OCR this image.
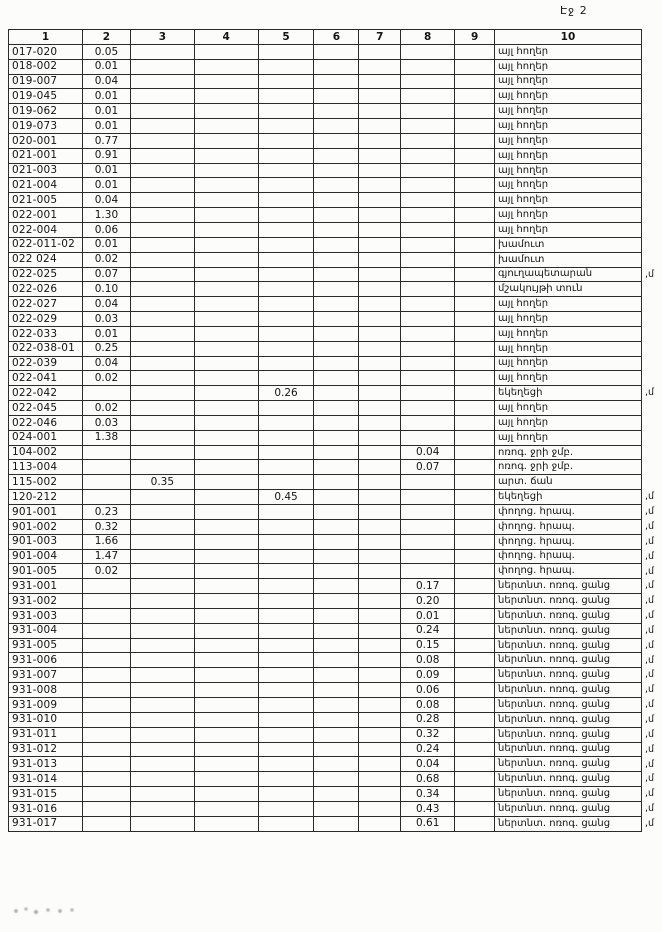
Էջ 2
1	2	3	4	5	6	7	8	9	10	
017-020	0.05								այլ հողեր	
018-002	0.01								այլ հողեր	
019-007	0.04								այլ հողեր	
019-045	0.01								այլ հողեր	
019-062	0.01								այլ հողեր	
019-073	0.01								այլ հողեր	
020-001	0.77								այլ հողեր	
021-001	0.91								այլ հողեր	
021-003	0.01								այլ հողեր	
021-004	0.01								այլ հողեր	
021-005	0.04								այլ հողեր	
022-001	1.30								այլ հողեր	
022-004	0.06								այլ հողեր	
022-011-02	0.01								խամուտ	
022 024	0.02								խամուտ	
022-025	0.07								գյուղապետարան	,մ
022-026	0.10								մշակույթի տուն	
022-027	0.04								այլ հողեր	
022-029	0.03								այլ հողեր	
022-033	0.01								այլ հողեր	
022-038-01	0.25								այլ հողեր	
022-039	0.04								այլ հողեր	
022-041	0.02								այլ հողեր	
022-042				0.26					եկեղեցի	,մ
022-045	0.02								այլ հողեր	
022-046	0.03								այլ հողեր	
024-001	1.38								այլ հողեր	
104-002							0.04		ոռոգ. ջրի ջմբ.	
113-004							0.07		ոռոգ. ջրի ջմբ.	
115-002		0.35							արտ. ճան	
120-212				0.45					եկեղեցի	,մ
901-001	0.23								փողոց. հրապ.	,մ
901-002	0.32								փողոց. հրապ.	,մ
901-003	1.66								փողոց. հրապ.	,մ
901-004	1.47								փողոց. հրապ.	,մ
901-005	0.02								փողոց. հրապ.	,մ
931-001							0.17		ներտնտ. ոռոգ. ցանց	,մ
931-002							0.20		ներտնտ. ոռոգ. ցանց	,մ
931-003							0.01		ներտնտ. ոռոգ. ցանց	,մ
931-004							0.24		ներտնտ. ոռոգ. ցանց	,մ
931-005							0.15		ներտնտ. ոռոգ. ցանց	,մ
931-006							0.08		ներտնտ. ոռոգ. ցանց	,մ
931-007							0.09		ներտնտ. ոռոգ. ցանց	,մ
931-008							0.06		ներտնտ. ոռոգ. ցանց	,մ
931-009							0.08		ներտնտ. ոռոգ. ցանց	,մ
931-010							0.28		ներտնտ. ոռոգ. ցանց	,մ
931-011							0.32		ներտնտ. ոռոգ. ցանց	,մ
931-012							0.24		ներտնտ. ոռոգ. ցանց	,մ
931-013							0.04		ներտնտ. ոռոգ. ցանց	,մ
931-014							0.68		ներտնտ. ոռոգ. ցանց	,մ
931-015							0.34		ներտնտ. ոռոգ. ցանց	,մ
931-016							0.43		ներտնտ. ոռոգ. ցանց	,մ
931-017							0.61		ներտնտ. ոռոգ. ցանց	,մ
